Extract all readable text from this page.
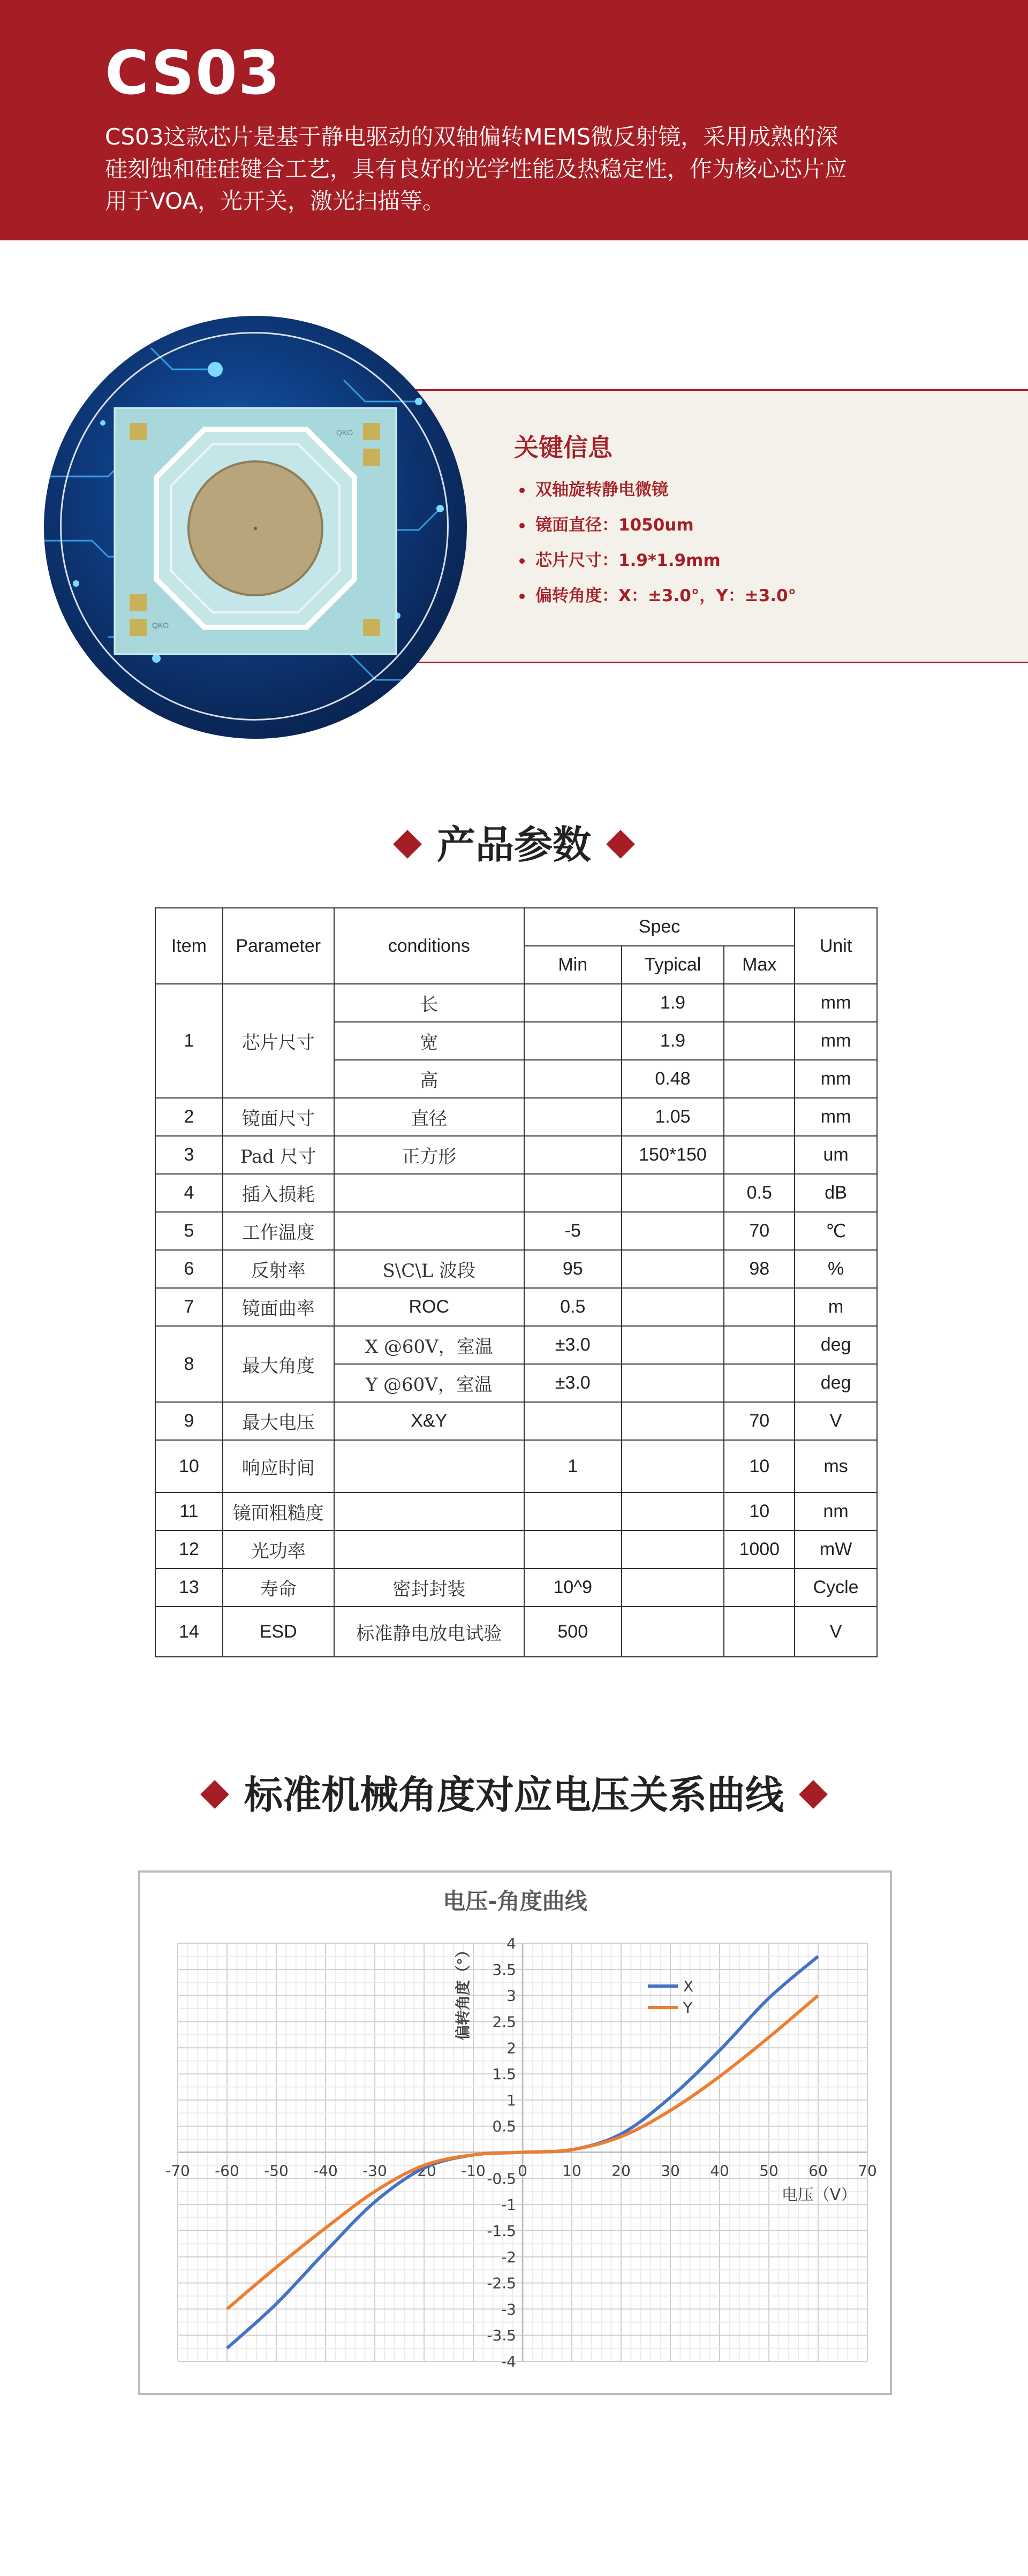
CS03

CS03这款芯片是基于静电驱动的双轴偏转MEMS微反射镜，采用成熟的深硅刻蚀和硅硅键合工艺，具有良好的光学性能及热稳定性，作为核心芯片应用于VOA，光开关，激光扫描等。

QKO
QKO
关键信息
双轴旋转静电微镜
镜面直径：1050um
芯片尺寸：1.9*1.9mm
偏转角度：X：±3.0°，Y：±3.0°
产品参数
Item	Parameter	conditions	Spec			Unit
			Min	Typical	Max	
1	芯片尺寸	长		1.9		mm
		宽		1.9		mm
		高		0.48		mm
2	镜面尺寸	直径		1.05		mm
3	Pad 尺寸	正方形		150*150		um
4	插入损耗				0.5	dB
5	工作温度		-5		70	℃
6	反射率	S\C\L 波段	95		98	%
7	镜面曲率	ROC	0.5			m
8	最大角度	X @60V，室温	±3.0			deg
		Y @60V，室温	±3.0			deg
9	最大电压	X&Y			70	V
10	响应时间		1		10	ms
11	镜面粗糙度				10	nm
12	光功率				1000	mW
13	寿命	密封封装	10^9			Cycle
14	ESD	标准静电放电试验	500			V
标准机械角度对应电压关系曲线
电压-角度曲线
-70 -60 -50 -40 -30 -20 -10 0 10 20 30 40 50 60 70
-4
-3.5
-3
-2.5
-2
-1.5
-1
-0.5
0.5
1
1.5
2
2.5
3
3.5
4
X
Y
电压（V）
偏转角度（°）
